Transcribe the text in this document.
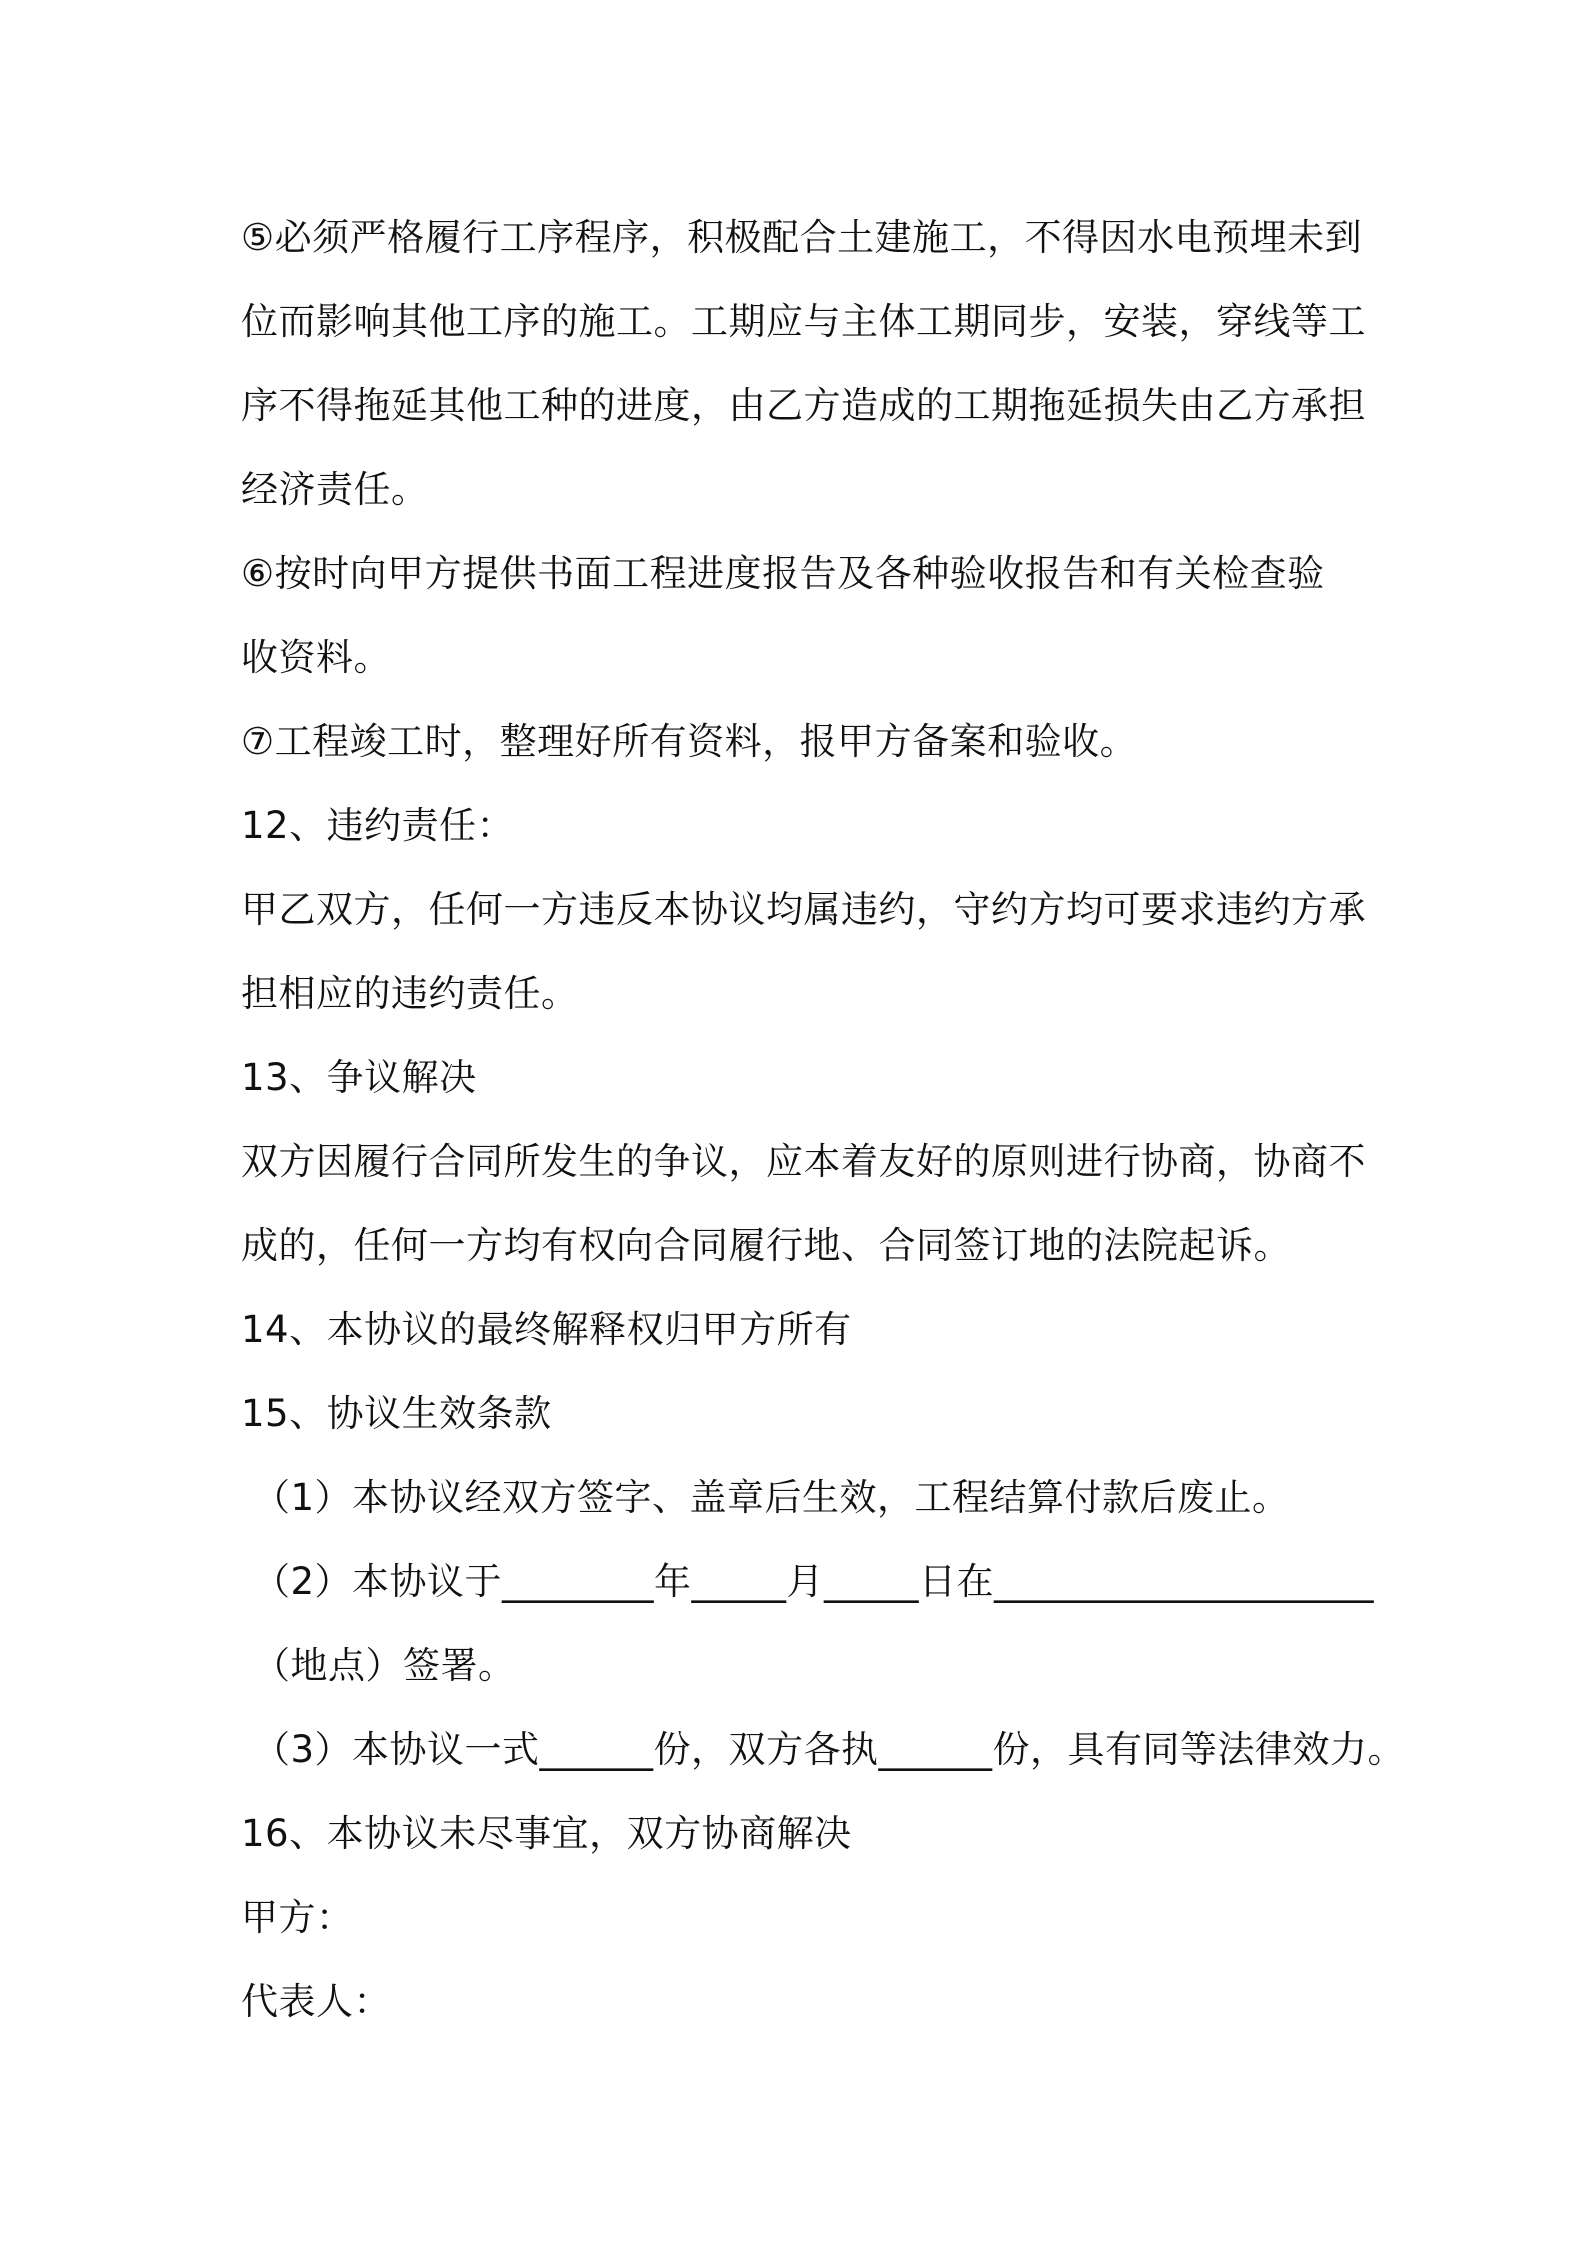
⑤必须严格履行工序程序，积极配合土建施工，不得因水电预埋未到
位而影响其他工序的施工。工期应与主体工期同步，安装，穿线等工
序不得拖延其他工种的进度，由乙方造成的工期拖延损失由乙方承担
经济责任。
⑥按时向甲方提供书面工程进度报告及各种验收报告和有关检查验
收资料。
⑦工程竣工时，整理好所有资料，报甲方备案和验收。
12、违约责任：
甲乙双方，任何一方违反本协议均属违约，守约方均可要求违约方承
担相应的违约责任。
13、争议解决
双方因履行合同所发生的争议，应本着友好的原则进行协商，协商不
成的，任何一方均有权向合同履行地、合同签订地的法院起诉。
14、本协议的最终解释权归甲方所有
15、协议生效条款
（1）本协议经双方签字、盖章后生效，工程结算付款后废止。
（2）本协议于________年_____月_____日在____________________
（地点）签署。
（3）本协议一式______份，双方各执______份，具有同等法律效力。
16、本协议未尽事宜，双方协商解决
甲方：
代表人：
